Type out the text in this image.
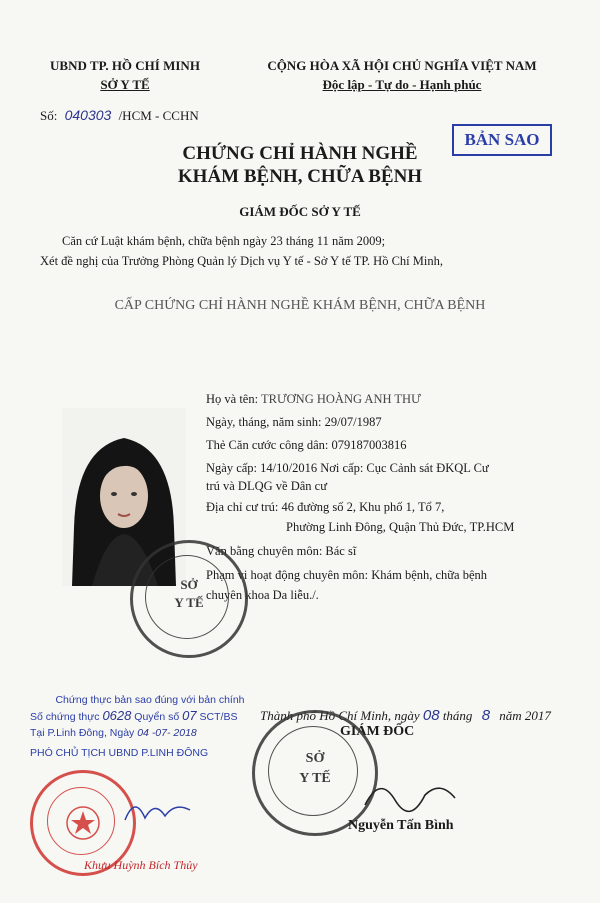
UBND TP. HỒ CHÍ MINH
SỞ Y TẾ
CỘNG HÒA XÃ HỘI CHỦ NGHĨA VIỆT NAM
Độc lập - Tự do - Hạnh phúc
Số: 040303 /HCM - CCHN
BẢN SAO
CHỨNG CHỈ HÀNH NGHỀ
KHÁM BỆNH, CHỮA BỆNH
GIÁM ĐỐC SỞ Y TẾ
Căn cứ Luật khám bệnh, chữa bệnh ngày 23 tháng 11 năm 2009;
Xét đề nghị của Trưởng Phòng Quản lý Dịch vụ Y tế - Sở Y tế TP. Hồ Chí Minh,
CẤP CHỨNG CHỈ HÀNH NGHỀ KHÁM BỆNH, CHỮA BỆNH
Họ và tên: TRƯƠNG HOÀNG ANH THƯ
Ngày, tháng, năm sinh: 29/07/1987
Thẻ Căn cước công dân: 079187003816
Ngày cấp: 14/10/2016 Nơi cấp: Cục Cảnh sát ĐKQL Cư
trú và DLQG về Dân cư
Địa chỉ cư trú: 46 đường số 2, Khu phố 1, Tổ 7,
Phường Linh Đông, Quận Thủ Đức, TP.HCM
Văn bằng chuyên môn: Bác sĩ
Phạm vi hoạt động chuyên môn: Khám bệnh, chữa bệnh
chuyên khoa Da liễu./.
SỞ
Y TẾ
Thành phố Hồ Chí Minh, ngày 08 tháng 8 năm 2017
GIÁM ĐỐC
SỞ
Y TẾ
Nguyễn Tấn Bình
Chứng thực bản sao đúng với bản chính
Số chứng thực 0628 Quyển số 07 SCT/BS
Tại P.Linh Đông, Ngày 04 -07- 2018
PHÓ CHỦ TỊCH UBND P.LINH ĐÔNG
Khưu Huỳnh Bích Thủy
